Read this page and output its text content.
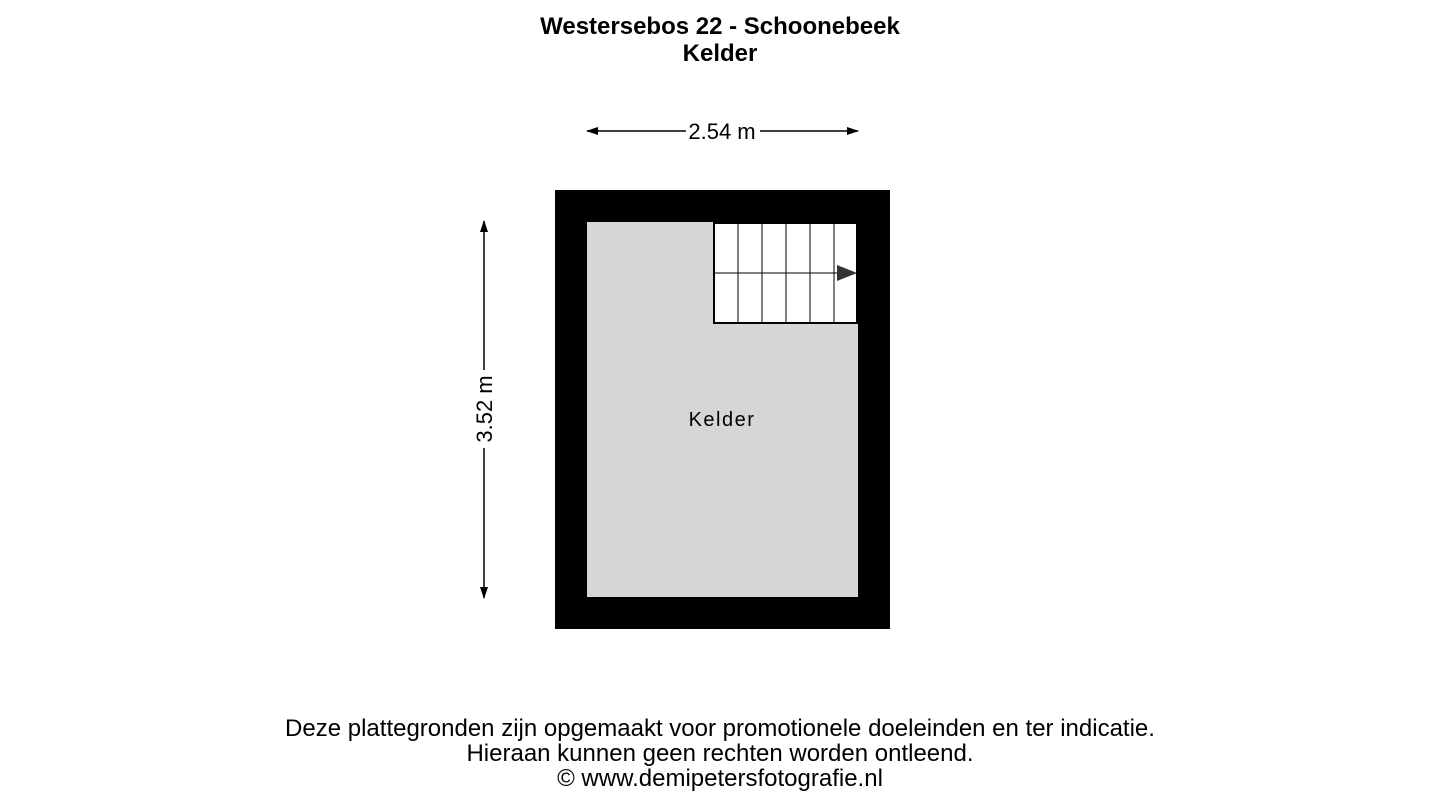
Westersebos 22 - Schoonebeek
Kelder
2.54 m
3.52 m	Kelder
Deze plattegronden zijn opgemaakt voor promotionele doeleinden en ter indicatie.
Hieraan kunnen geen rechten worden ontleend.
© www.demipetersfotografie.nl
